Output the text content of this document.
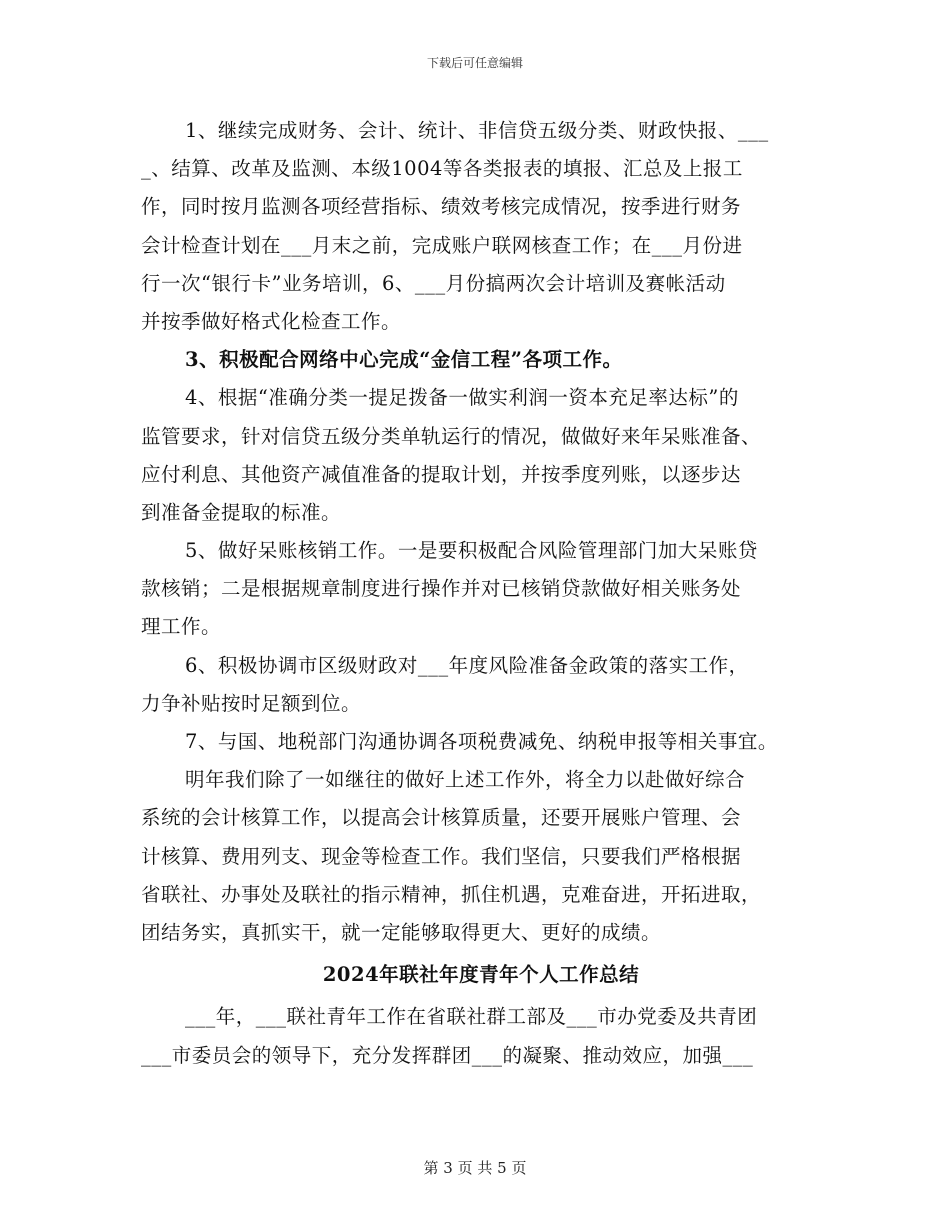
下载后可任意编辑
1、继续完成财务、会计、统计、非信贷五级分类、财政快报、___
_、结算、改革及监测、本级1004等各类报表的填报、汇总及上报工
作，同时按月监测各项经营指标、绩效考核完成情况，按季进行财务
会计检查计划在___月末之前，完成账户联网核查工作；在___月份进
行一次“银行卡”业务培训，6、___月份搞两次会计培训及赛帐活动
并按季做好格式化检查工作。
3、积极配合网络中心完成“金信工程”各项工作。
4、根据“准确分类一提足拨备一做实利润一资本充足率达标”的
监管要求，针对信贷五级分类单轨运行的情况，做做好来年呆账准备、
应付利息、其他资产减值准备的提取计划，并按季度列账，以逐步达
到准备金提取的标准。
5、做好呆账核销工作。一是要积极配合风险管理部门加大呆账贷
款核销；二是根据规章制度进行操作并对已核销贷款做好相关账务处
理工作。
6、积极协调市区级财政对___年度风险准备金政策的落实工作，
力争补贴按时足额到位。
7、与国、地税部门沟通协调各项税费减免、纳税申报等相关事宜。
明年我们除了一如继往的做好上述工作外，将全力以赴做好综合
系统的会计核算工作，以提高会计核算质量，还要开展账户管理、会
计核算、费用列支、现金等检查工作。我们坚信，只要我们严格根据
省联社、办事处及联社的指示精神，抓住机遇，克难奋进，开拓进取，
团结务实，真抓实干，就一定能够取得更大、更好的成绩。
2024年联社年度青年个人工作总结
___年，___联社青年工作在省联社群工部及___市办党委及共青团
___市委员会的领导下，充分发挥群团___的凝聚、推动效应，加强___
第 3 页 共 5 页
